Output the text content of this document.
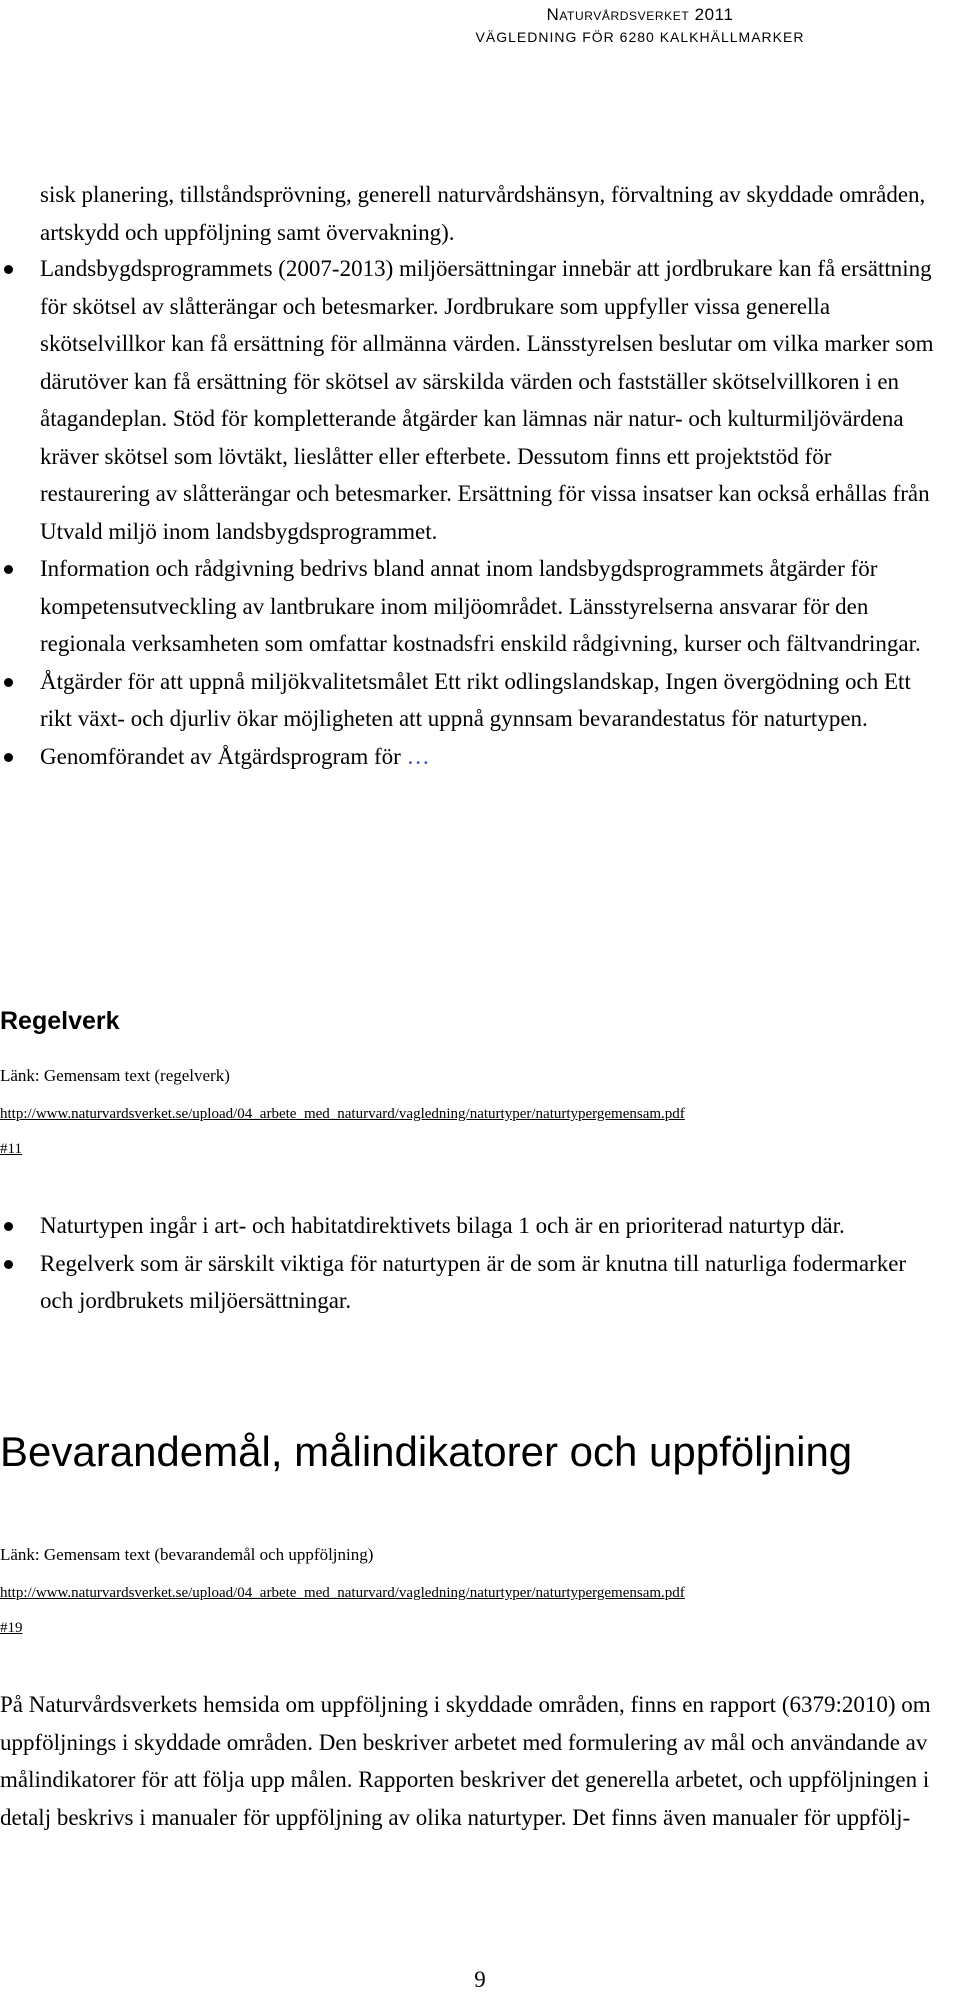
Naturvårdsverket 2011
VÄGLEDNING FÖR 6280 KALKHÄLLMARKER
sisk planering, tillståndsprövning, generell naturvårdshänsyn, förvaltning av skyddade områden, artskydd och uppföljning samt övervakning).
Landsbygdsprogrammets (2007-2013) miljöersättningar innebär att jordbrukare kan få ersättning för skötsel av slåtterängar och betesmarker. Jordbrukare som uppfyller vissa generella skötselvillkor kan få ersättning för allmänna värden. Länsstyrelsen beslutar om vilka marker som därutöver kan få ersättning för skötsel av särskilda värden och fastställer skötselvillkoren i en åtagandeplan. Stöd för kompletterande åtgärder kan lämnas när natur- och kulturmiljövärdena kräver skötsel som lövtäkt, lieslåtter eller efterbete. Dessutom finns ett projektstöd för restaurering av slåtterängar och betesmarker. Ersättning för vissa insatser kan också erhållas från Utvald miljö inom landsbygdsprogrammet.
Information och rådgivning bedrivs bland annat inom landsbygdsprogrammets åtgärder för kompetensutveckling av lantbrukare inom miljöområdet. Länsstyrelserna ansvarar för den regionala verksamheten som omfattar kostnadsfri enskild rådgivning, kurser och fältvandringar.
Åtgärder för att uppnå miljökvalitetsmålet Ett rikt odlingslandskap, Ingen övergödning och Ett rikt växt- och djurliv ökar möjligheten att uppnå gynnsam bevarandestatus för naturtypen.
Genomförandet av Åtgärdsprogram för …
Regelverk
Länk: Gemensam text (regelverk)
http://www.naturvardsverket.se/upload/04_arbete_med_naturvard/vagledning/naturtyper/naturtypergemensam.pdf
#11
Naturtypen ingår i art- och habitatdirektivets bilaga 1 och är en prioriterad naturtyp där.
Regelverk som är särskilt viktiga för naturtypen är de som är knutna till naturliga fodermarker och jordbrukets miljöersättningar.
Bevarandemål, målindikatorer och uppföljning
Länk: Gemensam text (bevarandemål och uppföljning)
http://www.naturvardsverket.se/upload/04_arbete_med_naturvard/vagledning/naturtyper/naturtypergemensam.pdf
#19
På Naturvårdsverkets hemsida om uppföljning i skyddade områden, finns en rapport (6379:2010) om uppföljnings i skyddade områden. Den beskriver arbetet med formulering av mål och användande av målindikatorer för att följa upp målen. Rapporten beskriver det generella arbetet, och uppföljningen i detalj beskrivs i manualer för uppföljning av olika naturtyper. Det finns även manualer för uppfölj-
9
